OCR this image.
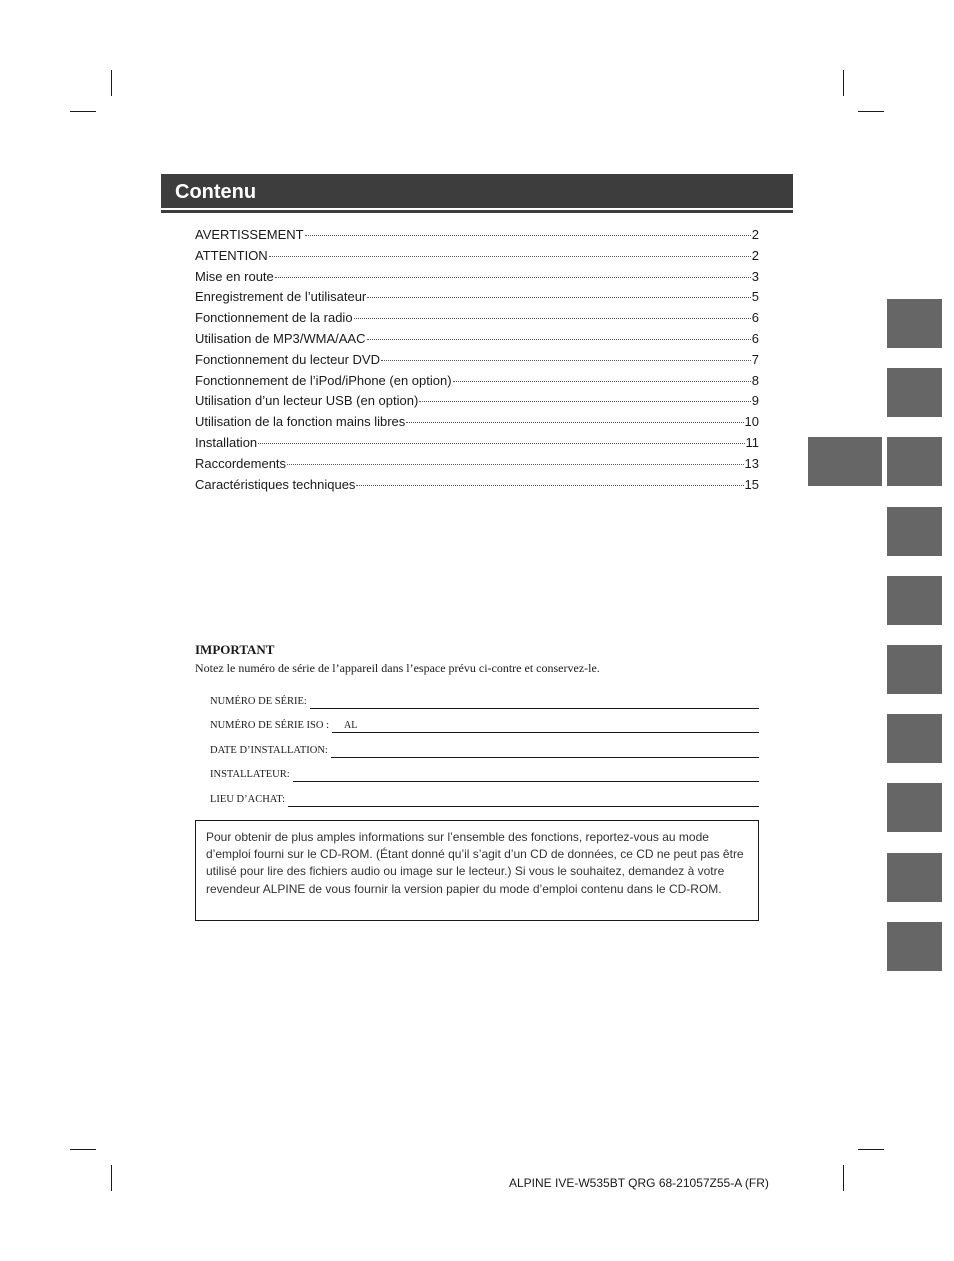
Contenu
AVERTISSEMENT	2
ATTENTION	2
Mise en route	3
Enregistrement de l’utilisateur	5
Fonctionnement de la radio	6
Utilisation de MP3/WMA/AAC	6
Fonctionnement du lecteur DVD	7
Fonctionnement de l’iPod/iPhone (en option)	8
Utilisation d’un lecteur USB (en option)	9
Utilisation de la fonction mains libres	10
Installation	11
Raccordements	13
Caractéristiques techniques	15
IMPORTANT
Notez le numéro de série de l’appareil dans l’espace prévu ci-contre et conservez-le.
NUMÉRO DE SÉRIE:
NUMÉRO DE SÉRIE ISO :	AL
DATE D’INSTALLATION:
INSTALLATEUR:
LIEU D’ACHAT:
Pour obtenir de plus amples informations sur l’ensemble des fonctions, reportez-vous au mode d’emploi fourni sur le CD-ROM. (Étant donné qu’il s’agit d’un CD de données, ce CD ne peut pas être utilisé pour lire des fichiers audio ou image sur le lecteur.) Si vous le souhaitez, demandez à votre revendeur ALPINE de vous fournir la version papier du mode d’emploi contenu dans le CD-ROM.
ALPINE IVE-W535BT QRG 68-21057Z55-A (FR)
